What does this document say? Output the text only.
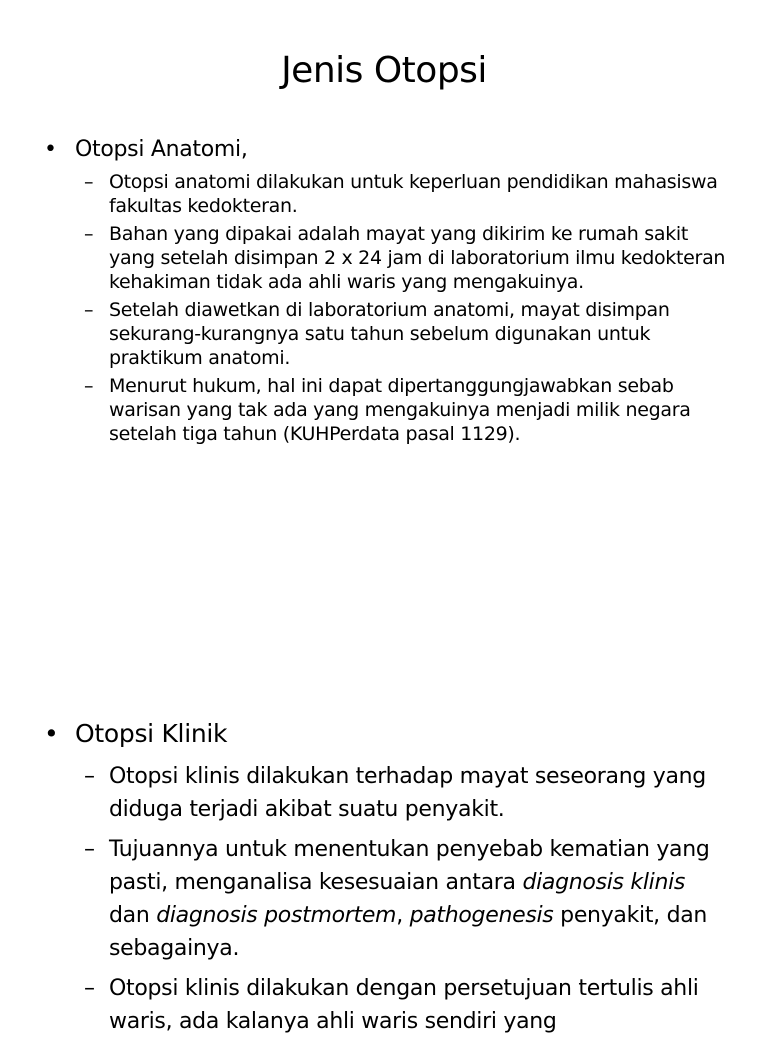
Jenis Otopsi
• Otopsi Anatomi,
– Otopsi anatomi dilakukan untuk keperluan pendidikan mahasiswa fakultas kedokteran.
– Bahan yang dipakai adalah mayat yang dikirim ke rumah sakit yang setelah disimpan 2 x 24 jam di laboratorium ilmu kedokteran kehakiman tidak ada ahli waris yang mengakuinya.
– Setelah diawetkan di laboratorium anatomi, mayat disimpan sekurang-kurangnya satu tahun sebelum digunakan untuk praktikum anatomi.
– Menurut hukum, hal ini dapat dipertanggungjawabkan sebab warisan yang tak ada yang mengakuinya menjadi milik negara setelah tiga tahun (KUHPerdata pasal 1129).
• Otopsi Klinik
– Otopsi klinis dilakukan terhadap mayat seseorang yang diduga terjadi akibat suatu penyakit.
– Tujuannya untuk menentukan penyebab kematian yang pasti, menganalisa kesesuaian antara diagnosis klinis dan diagnosis postmortem, pathogenesis penyakit, dan sebagainya.
– Otopsi klinis dilakukan dengan persetujuan tertulis ahli waris, ada kalanya ahli waris sendiri yang
